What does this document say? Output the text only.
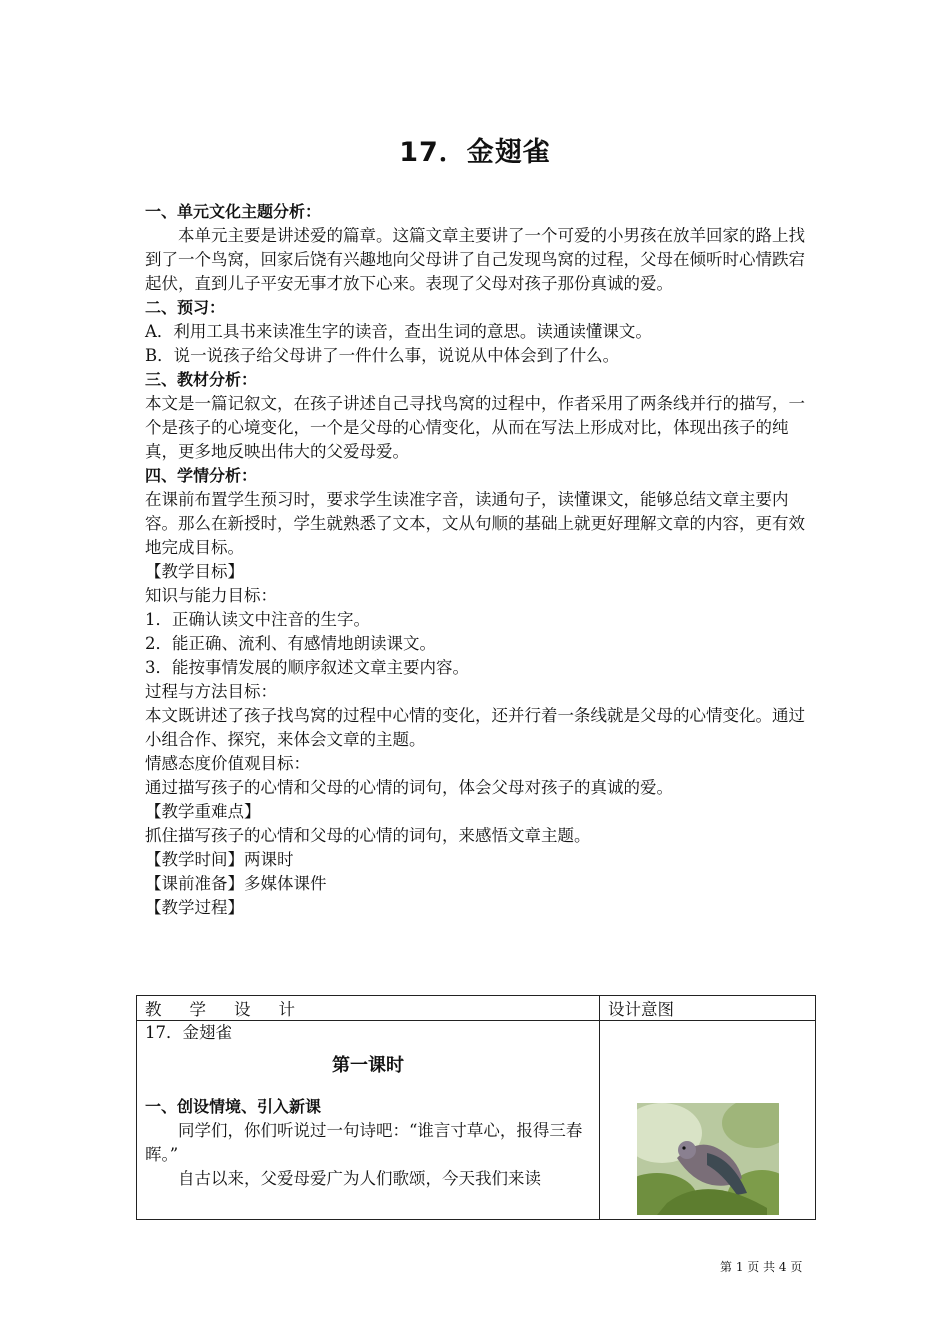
17．金翅雀

一、单元文化主题分析：

本单元主要是讲述爱的篇章。这篇文章主要讲了一个可爱的小男孩在放羊回家的路上找到了一个鸟窝，回家后饶有兴趣地向父母讲了自己发现鸟窝的过程，父母在倾听时心情跌宕起伏，直到儿子平安无事才放下心来。表现了父母对孩子那份真诚的爱。

二、预习：

A．利用工具书来读准生字的读音，查出生词的意思。读通读懂课文。

B．说一说孩子给父母讲了一件什么事，说说从中体会到了什么。

三、教材分析：

本文是一篇记叙文，在孩子讲述自己寻找鸟窝的过程中，作者采用了两条线并行的描写，一个是孩子的心境变化，一个是父母的心情变化，从而在写法上形成对比，体现出孩子的纯真，更多地反映出伟大的父爱母爱。

四、学情分析：

在课前布置学生预习时，要求学生读准字音，读通句子，读懂课文，能够总结文章主要内容。那么在新授时，学生就熟悉了文本，文从句顺的基础上就更好理解文章的内容，更有效地完成目标。

【教学目标】

知识与能力目标：

1．正确认读文中注音的生字。

2．能正确、流利、有感情地朗读课文。

3．能按事情发展的顺序叙述文章主要内容。

过程与方法目标：

本文既讲述了孩子找鸟窝的过程中心情的变化，还并行着一条线就是父母的心情变化。通过

小组合作、探究，来体会文章的主题。

情感态度价值观目标：

通过描写孩子的心情和父母的心情的词句，体会父母对孩子的真诚的爱。

【教学重难点】

抓住描写孩子的心情和父母的心情的词句，来感悟文章主题。

【教学时间】两课时

【课前准备】多媒体课件

【教学过程】

教学设计	设计意图

17．金翅雀

第一课时

一、创设情境、引入新课

同学们，你们听说过一句诗吧：“谁言寸草心，报得三春晖。”

自古以来，父爱母爱广为人们歌颂，今天我们来读

第 1 页 共 4 页
